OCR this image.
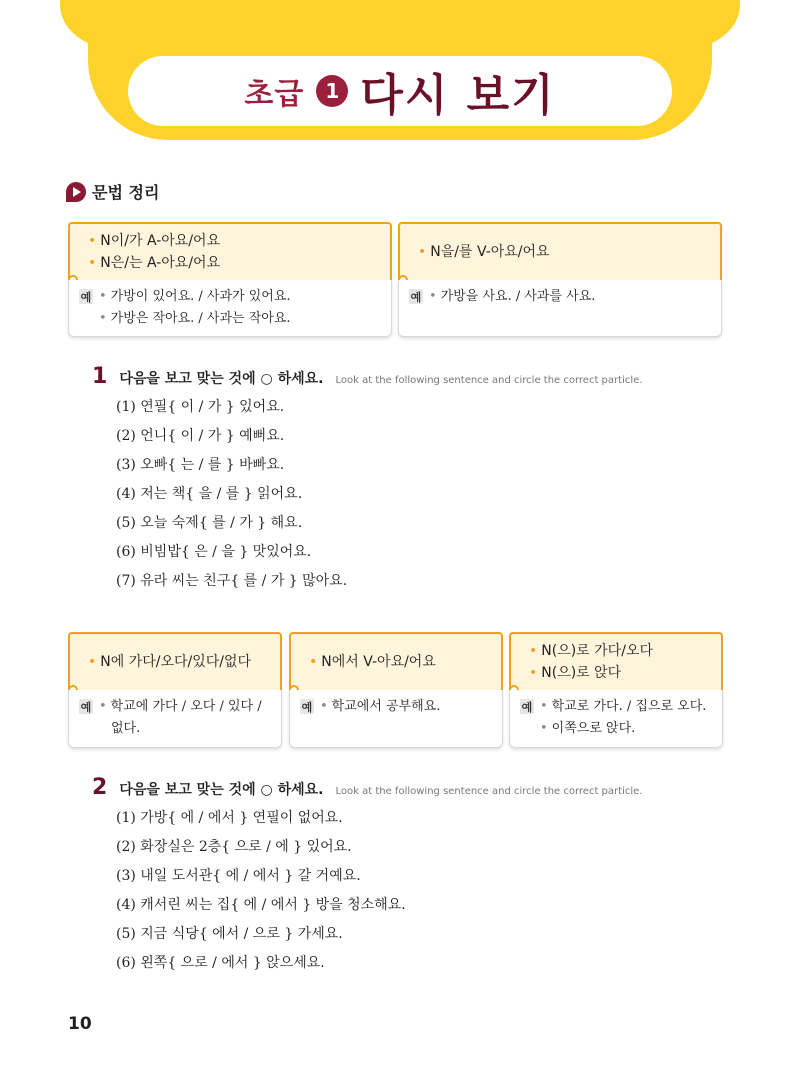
초급	1 다시 보기
문법 정리
• N이/가 A-아요/어요
• N은/는 A-아요/어요
예 • 가방이 있어요. / 사과가 있어요.
• 가방은 작아요. / 사과는 작아요.
• N을/를 V-아요/어요
예 • 가방을 사요. / 사과를 사요.
1 다음을 보고 맞는 것에 ○ 하세요. Look at the following sentence and circle the correct particle.
(1) 연필{ 이 / 가 } 있어요.
(2) 언니{ 이 / 가 } 예뻐요.
(3) 오빠{ 는 / 를 } 바빠요.
(4) 저는 책{ 을 / 를 } 읽어요.
(5) 오늘 숙제{ 를 / 가 } 해요.
(6) 비빔밥{ 은 / 을 } 맛있어요.
(7) 유라 씨는 친구{ 를 / 가 } 많아요.
• N에 가다/오다/있다/없다
예 • 학교에 가다 / 오다 / 있다 /
없다.
• N에서 V-아요/어요
예 • 학교에서 공부해요.
• N(으)로 가다/오다
• N(으)로 앉다
예 • 학교로 가다. / 집으로 오다.
• 이쪽으로 앉다.
2 다음을 보고 맞는 것에 ○ 하세요. Look at the following sentence and circle the correct particle.
(1) 가방{ 에 / 에서 } 연필이 없어요.
(2) 화장실은 2층{ 으로 / 에 } 있어요.
(3) 내일 도서관{ 에 / 에서 } 갈 거예요.
(4) 캐서린 씨는 집{ 에 / 에서 } 방을 청소해요.
(5) 지금 식당{ 에서 / 으로 } 가세요.
(6) 왼쪽{ 으로 / 에서 } 앉으세요.
10
